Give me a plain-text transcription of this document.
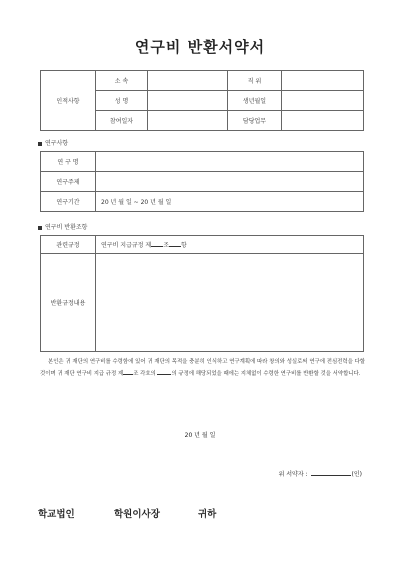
연구비 반환서약서
인적사항	소 속		직 위	
	성 명		생년월일	
	참여일자		담당업무	
연구사항
연 구 명	
연구주제	
연구기간	20 년 월 일 ~ 20 년 월 일
연구비 반환조항
관련규정	연구비 지급규정 제 조 항
반환규정내용	
본인은 귀 재단의 연구비를 수령함에 있어 귀 재단의 목적을 충분히 인식하고 연구계획에 따라 창의와 성실로써 연구에 전심전력을 다할 것이며 귀 재단 연구비 지급 규정 제 조 각호의	의 규정에 해당되었을 때에는 지체없이 수령한 연구비를 반환할 것을 서약합니다.
20 년 월 일
위 서약자 :	(인)
학교법인	학원이사장	귀하
